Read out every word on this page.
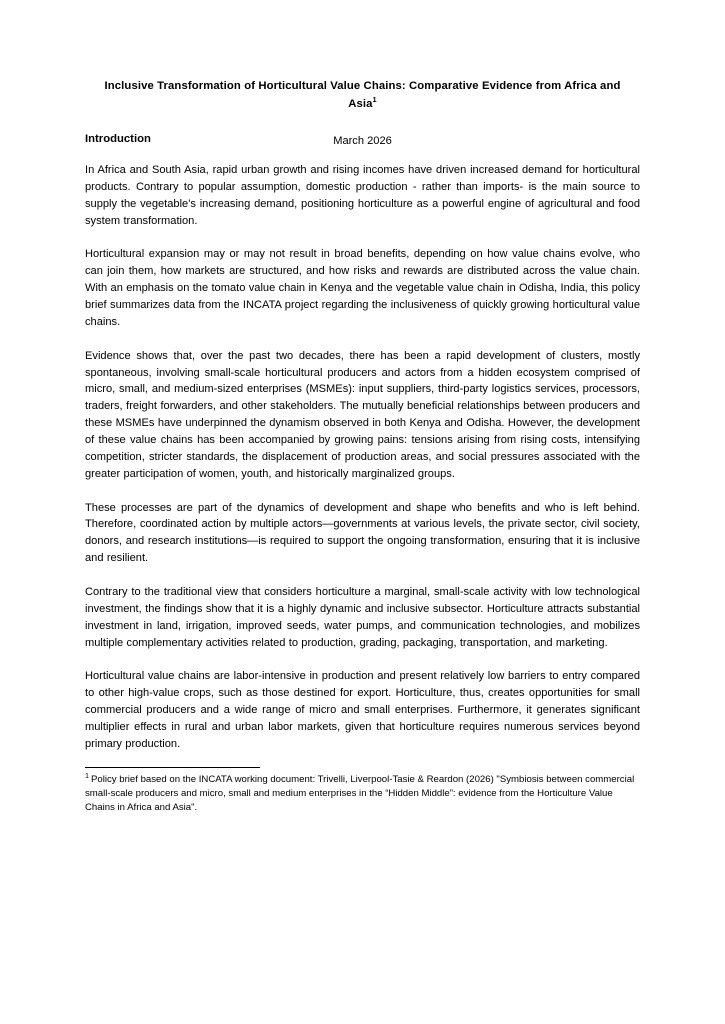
Inclusive Transformation of Horticultural Value Chains: Comparative Evidence from Africa and Asia$^1$

March 2026

Introduction

In Africa and South Asia, rapid urban growth and rising incomes have driven increased demand for horticultural products. Contrary to popular assumption, domestic production - rather than imports- is the main source to supply the vegetable's increasing demand, positioning horticulture as a powerful engine of agricultural and food system transformation.

Horticultural expansion may or may not result in broad benefits, depending on how value chains evolve, who can join them, how markets are structured, and how risks and rewards are distributed across the value chain. With an emphasis on the tomato value chain in Kenya and the vegetable value chain in Odisha, India, this policy brief summarizes data from the INCATA project regarding the inclusiveness of quickly growing horticultural value chains.

Evidence shows that, over the past two decades, there has been a rapid development of clusters, mostly spontaneous, involving small-scale horticultural producers and actors from a hidden ecosystem comprised of micro, small, and medium-sized enterprises (MSMEs): input suppliers, third-party logistics services, processors, traders, freight forwarders, and other stakeholders. The mutually beneficial relationships between producers and these MSMEs have underpinned the dynamism observed in both Kenya and Odisha. However, the development of these value chains has been accompanied by growing pains: tensions arising from rising costs, intensifying competition, stricter standards, the displacement of production areas, and social pressures associated with the greater participation of women, youth, and historically marginalized groups.

These processes are part of the dynamics of development and shape who benefits and who is left behind. Therefore, coordinated action by multiple actors—governments at various levels, the private sector, civil society, donors, and research institutions—is required to support the ongoing transformation, ensuring that it is inclusive and resilient.

Contrary to the traditional view that considers horticulture a marginal, small-scale activity with low technological investment, the findings show that it is a highly dynamic and inclusive subsector. Horticulture attracts substantial investment in land, irrigation, improved seeds, water pumps, and communication technologies, and mobilizes multiple complementary activities related to production, grading, packaging, transportation, and marketing.

Horticultural value chains are labor-intensive in production and present relatively low barriers to entry compared to other high-value crops, such as those destined for export. Horticulture, thus, creates opportunities for small commercial producers and a wide range of micro and small enterprises. Furthermore, it generates significant multiplier effects in rural and urban labor markets, given that horticulture requires numerous services beyond primary production.

$^1$ Policy brief based on the INCATA working document: Trivelli, Liverpool-Tasie & Reardon (2026) "Symbiosis between commercial small-scale producers and micro, small and medium enterprises in the “Hidden Middle”: evidence from the Horticulture Value Chains in Africa and Asia".
